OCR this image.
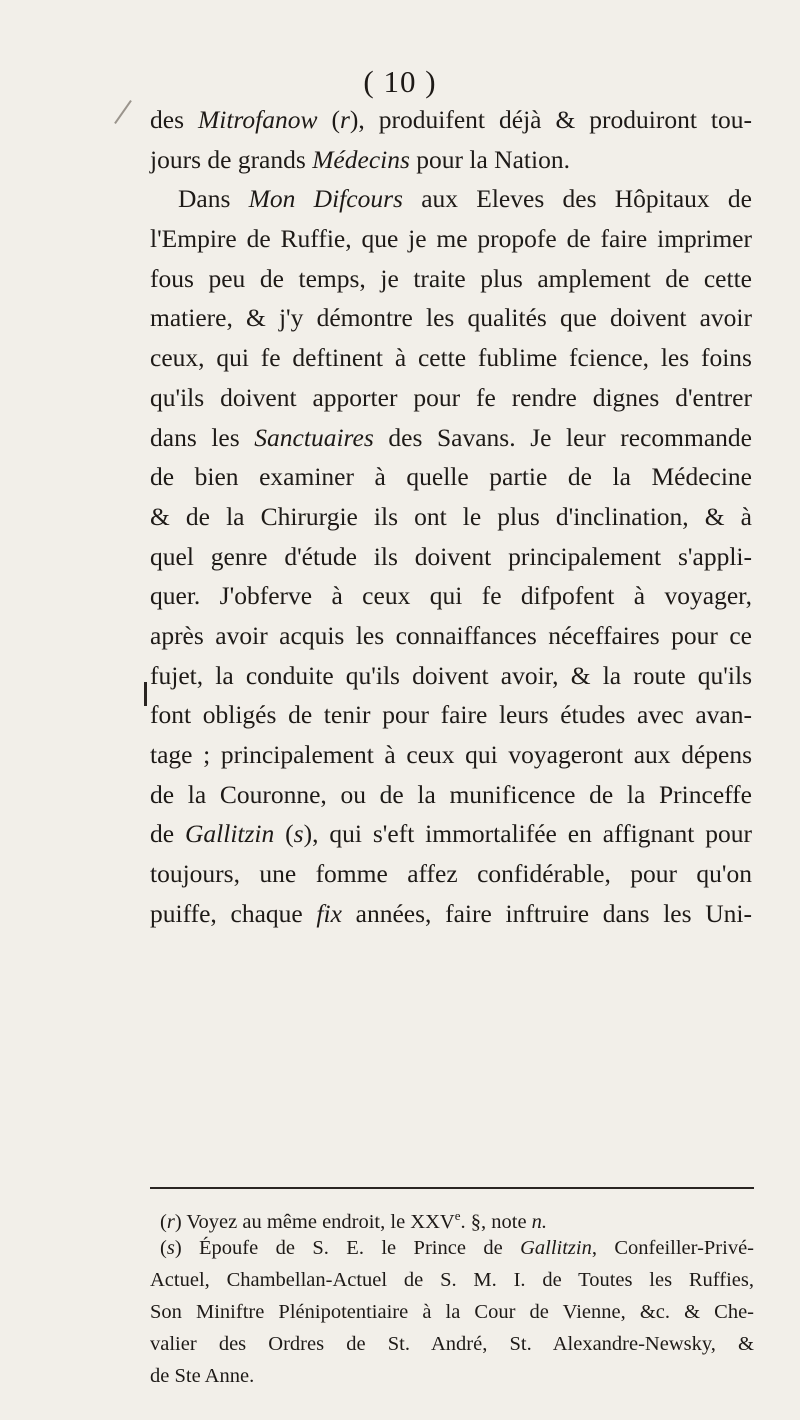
( 10 )
des Mitrofanow (r), produifent déjà & produiront tou-
jours de grands Médecins pour la Nation.
Dans Mon Difcours aux Eleves des Hôpitaux de
l'Empire de Ruffie, que je me propofe de faire imprimer
fous peu de temps, je traite plus amplement de cette
matiere, & j'y démontre les qualités que doivent avoir
ceux, qui fe deftinent à cette fublime fcience, les foins
qu'ils doivent apporter pour fe rendre dignes d'entrer
dans les Sanctuaires des Savans. Je leur recommande
de bien examiner à quelle partie de la Médecine
& de la Chirurgie ils ont le plus d'inclination, & à
quel genre d'étude ils doivent principalement s'appli-
quer. J'obferve à ceux qui fe difpofent à voyager,
après avoir acquis les connaiffances néceffaires pour ce
fujet, la conduite qu'ils doivent avoir, & la route qu'ils
font obligés de tenir pour faire leurs études avec avan-
tage ; principalement à ceux qui voyageront aux dépens
de la Couronne, ou de la munificence de la Princeffe
de Gallitzin (s), qui s'eft immortalifée en affignant pour
toujours, une fomme affez confidérable, pour qu'on
puiffe, chaque fix années, faire inftruire dans les Uni-
(r) Voyez au même endroit, le XXVe. §, note n.
(s) Époufe de S. E. le Prince de Gallitzin, Confeiller-Privé-
Actuel, Chambellan-Actuel de S. M. I. de Toutes les Ruffies,
Son Miniftre Plénipotentiaire à la Cour de Vienne, &c. & Che-
valier des Ordres de St. André, St. Alexandre-Newsky, &
de Ste Anne.
